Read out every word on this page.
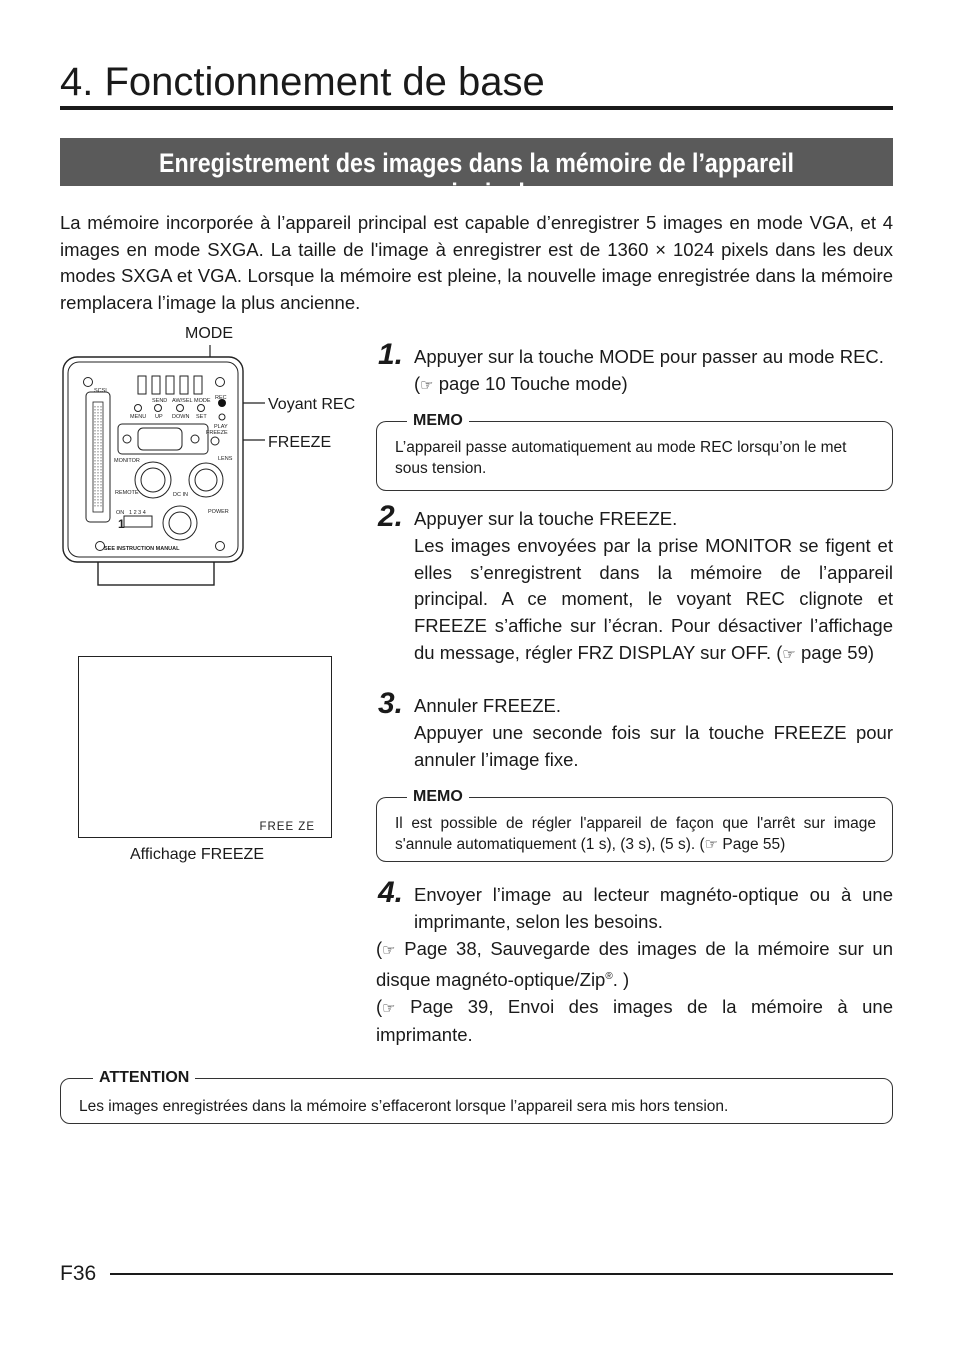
4. Fonctionnement de base
Enregistrement des images dans la mémoire de l’appareil principal
La mémoire incorporée à l’appareil principal est capable d’enregistrer 5 images en mode VGA, et 4 images en mode SXGA. La taille de l'image à enregistrer est de 1360 × 1024 pixels dans les deux modes SXGA et VGA. Lorsque la mémoire est pleine, la nouvelle image enregistrée dans la mémoire remplacera l’image la plus ancienne.
MODE
Voyant REC
FREEZE
SCSI
SEND AW/SEL MODE
MENU UP DOWN SET
REC
PLAY
FREEZE
MONITOR	LENS
REMOTE	DC IN
ON 1 2 3 4	POWER
SEE INSTRUCTION MANUAL
1
FREE ZE
Affichage FREEZE
1. Appuyer sur la touche MODE pour passer au mode REC.
(☞ page 10 Touche mode)
MEMO
L’appareil passe automatiquement au mode REC lorsqu’on le met sous tension.
2. Appuyer sur la touche FREEZE.
Les images envoyées par la prise MONITOR se figent et elles s’enregistrent dans la mémoire de l’appareil principal. A ce moment, le voyant REC clignote et FREEZE s’affiche sur l’écran. Pour désactiver l’affichage du message, régler FRZ DISPLAY sur OFF. (☞ page 59)
3. Annuler FREEZE.
Appuyer une seconde fois sur la touche FREEZE pour annuler l’image fixe.
MEMO
Il est possible de régler l'appareil de façon que l'arrêt sur image s'annule automatiquement (1 s), (3 s), (5 s). (☞ Page 55)
4. Envoyer l’image au lecteur magnéto-optique ou à une imprimante, selon les besoins.
(☞ Page 38, Sauvegarde des images de la mémoire sur un disque magnéto-optique/Zip®. )
(☞ Page 39, Envoi des images de la mémoire à une imprimante.
ATTENTION
Les images enregistrées dans la mémoire s’effaceront lorsque l’appareil sera mis hors tension.
F36
